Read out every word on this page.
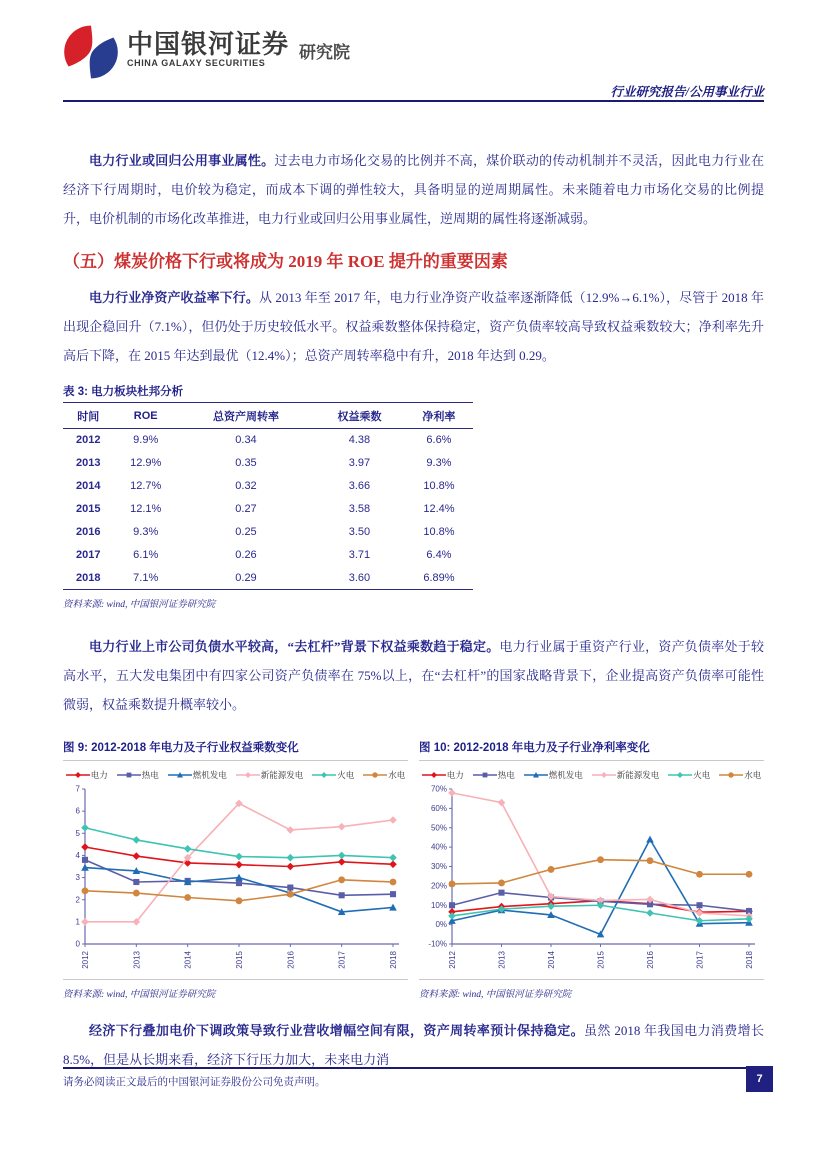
中国银河证券
CHINA GALAXY SECURITIES
研究院
行业研究报告/公用事业行业

电力行业或回归公用事业属性。过去电力市场化交易的比例并不高，煤价联动的传动机制并不灵活，因此电力行业在经济下行周期时，电价较为稳定，而成本下调的弹性较大，具备明显的逆周期属性。未来随着电力市场化交易的比例提升，电价机制的市场化改革推进，电力行业或回归公用事业属性，逆周期的属性将逐渐减弱。

（五）煤炭价格下行或将成为 2019 年 ROE 提升的重要因素

电力行业净资产收益率下行。从 2013 年至 2017 年，电力行业净资产收益率逐渐降低（12.9%→6.1%），尽管于 2018 年出现企稳回升（7.1%），但仍处于历史较低水平。权益乘数整体保持稳定，资产负债率较高导致权益乘数较大；净利率先升高后下降，在 2015 年达到最优（12.4%）；总资产周转率稳中有升，2018 年达到 0.29。

表 3: 电力板块杜邦分析
时间	ROE	总资产周转率	权益乘数	净利率
2012	9.9%	0.34	4.38	6.6%
2013	12.9%	0.35	3.97	9.3%
2014	12.7%	0.32	3.66	10.8%
2015	12.1%	0.27	3.58	12.4%
2016	9.3%	0.25	3.50	10.8%
2017	6.1%	0.26	3.71	6.4%
2018	7.1%	0.29	3.60	6.89%
资料来源: wind, 中国银河证券研究院

电力行业上市公司负债水平较高，“去杠杆”背景下权益乘数趋于稳定。电力行业属于重资产行业，资产负债率处于较高水平，五大发电集团中有四家公司资产负债率在 75%以上，在“去杠杆”的国家战略背景下，企业提高资产负债率可能性微弱，权益乘数提升概率较小。

图 9: 2012-2018 年电力及子行业权益乘数变化
电力	热电	燃机发电	新能源发电	火电	水电
0
1
2
3
4
5
6
7
2012	2013	2014	2015	2016	2017	2018
资料来源: wind, 中国银河证券研究院
图 10: 2012-2018 年电力及子行业净利率变化
电力	热电	燃机发电	新能源发电	火电	水电
-10%
0%
10%
20%
30%
40%
50%
60%
70%
2012	2013	2014	2015	2016	2017	2018
资料来源: wind, 中国银河证券研究院

经济下行叠加电价下调政策导致行业营收增幅空间有限，资产周转率预计保持稳定。虽然 2018 年我国电力消费增长 8.5%，但是从长期来看，经济下行压力加大，未来电力消

请务必阅读正文最后的中国银河证券股份公司免责声明。	7
